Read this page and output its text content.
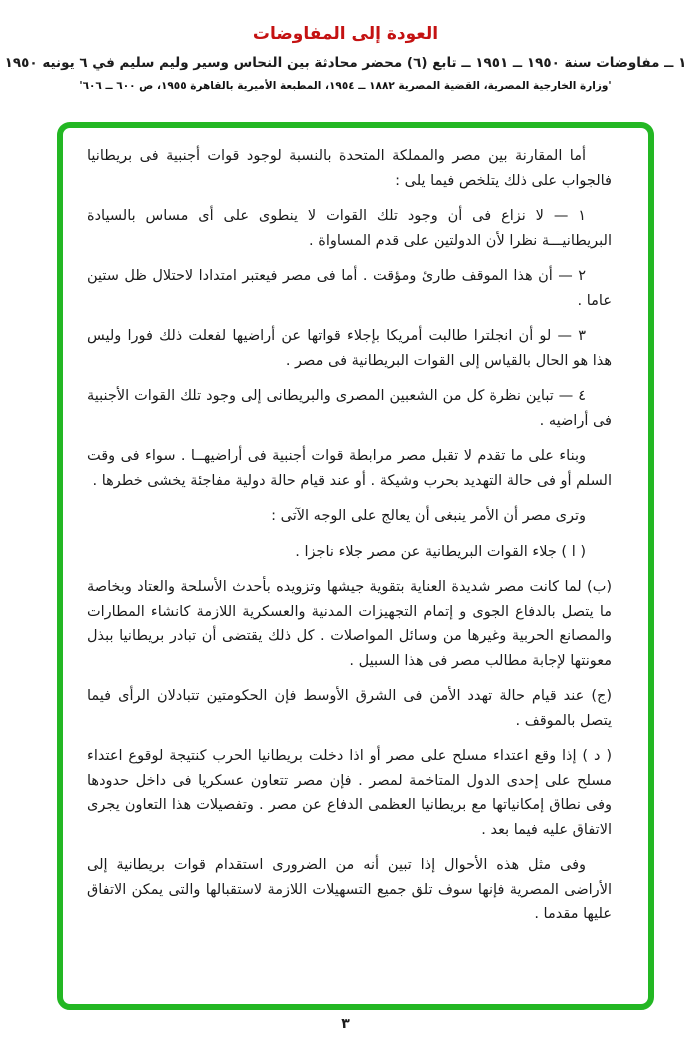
العودة إلى المفاوضات
١ ــ مفاوضات سنة ١٩٥٠ ــ ١٩٥١ ــ تابع (٦) محضر محادثة بين النحاس وسير وليم سليم في ٦ يونيه ١٩٥٠
'وزارة الخارجية المصرية، القضية المصرية ١٨٨٢ ــ ١٩٥٤، المطبعة الأميرية بالقاهرة ١٩٥٥، ص ٦٠٠ ــ ٦٠٦'

أما المقارنة بين مصر والمملكة المتحدة بالنسبة لوجود قوات أجنبية فى بريطانيا فالجواب على ذلك يتلخص فيما يلى :

١ — لا نزاع فى أن وجود تلك القوات لا ينطوى على أى مساس بالسيادة البريطانيـــة نظرا لأن الدولتين على قدم المساواة .

٢ — أن هذا الموقف طارئ ومؤقت . أما فى مصر فيعتبر امتدادا لاحتلال ظل ستين عاما .

٣ — لو أن انجلترا طالبت أمريكا بإجلاء قواتها عن أراضيها لفعلت ذلك فورا وليس هذا هو الحال بالقياس إلى القوات البريطانية فى مصر .

٤ — تباين نظرة كل من الشعبين المصرى والبريطانى إلى وجود تلك القوات الأجنبية فى أراضيه .

وبناء على ما تقدم لا تقبل مصر مرابطة قوات أجنبية فى أراضيهــا . سواء فى وقت السلم أو فى حالة التهديد بحرب وشيكة . أو عند قيام حالة دولية مفاجئة يخشى خطرها .

وترى مصر أن الأمر ينبغى أن يعالج على الوجه الآتى :

( ا ) جلاء القوات البريطانية عن مصر جلاء ناجزا .

(ب) لما كانت مصر شديدة العناية بتقوية جيشها وتزويده بأحدث الأسلحة والعتاد وبخاصة ما يتصل بالدفاع الجوى و إتمام التجهيزات المدنية والعسكرية اللازمة كانشاء المطارات والمصانع الحربية وغيرها من وسائل المواصلات . كل ذلك يقتضى أن تبادر بريطانيا ببذل معونتها لإجابة مطالب مصر فى هذا السبيل .

(ج) عند قيام حالة تهدد الأمن فى الشرق الأوسط فإن الحكومتين تتبادلان الرأى فيما يتصل بالموقف .

( د ) إذا وقع اعتداء مسلح على مصر أو اذا دخلت بريطانيا الحرب كنتيجة لوقوع اعتداء مسلح على إحدى الدول المتاخمة لمصر . فإن مصر تتعاون عسكريا فى داخل حدودها وفى نطاق إمكانياتها مع بريطانيا العظمى الدفاع عن مصر . وتفصيلات هذا التعاون يجرى الاتفاق عليه فيما بعد .

وفى مثل هذه الأحوال إذا تبين أنه من الضرورى استقدام قوات بريطانية إلى الأراضى المصرية فإنها سوف تلق جميع التسهيلات اللازمة لاستقبالها والتى يمكن الاتفاق عليها مقدما .

٣
